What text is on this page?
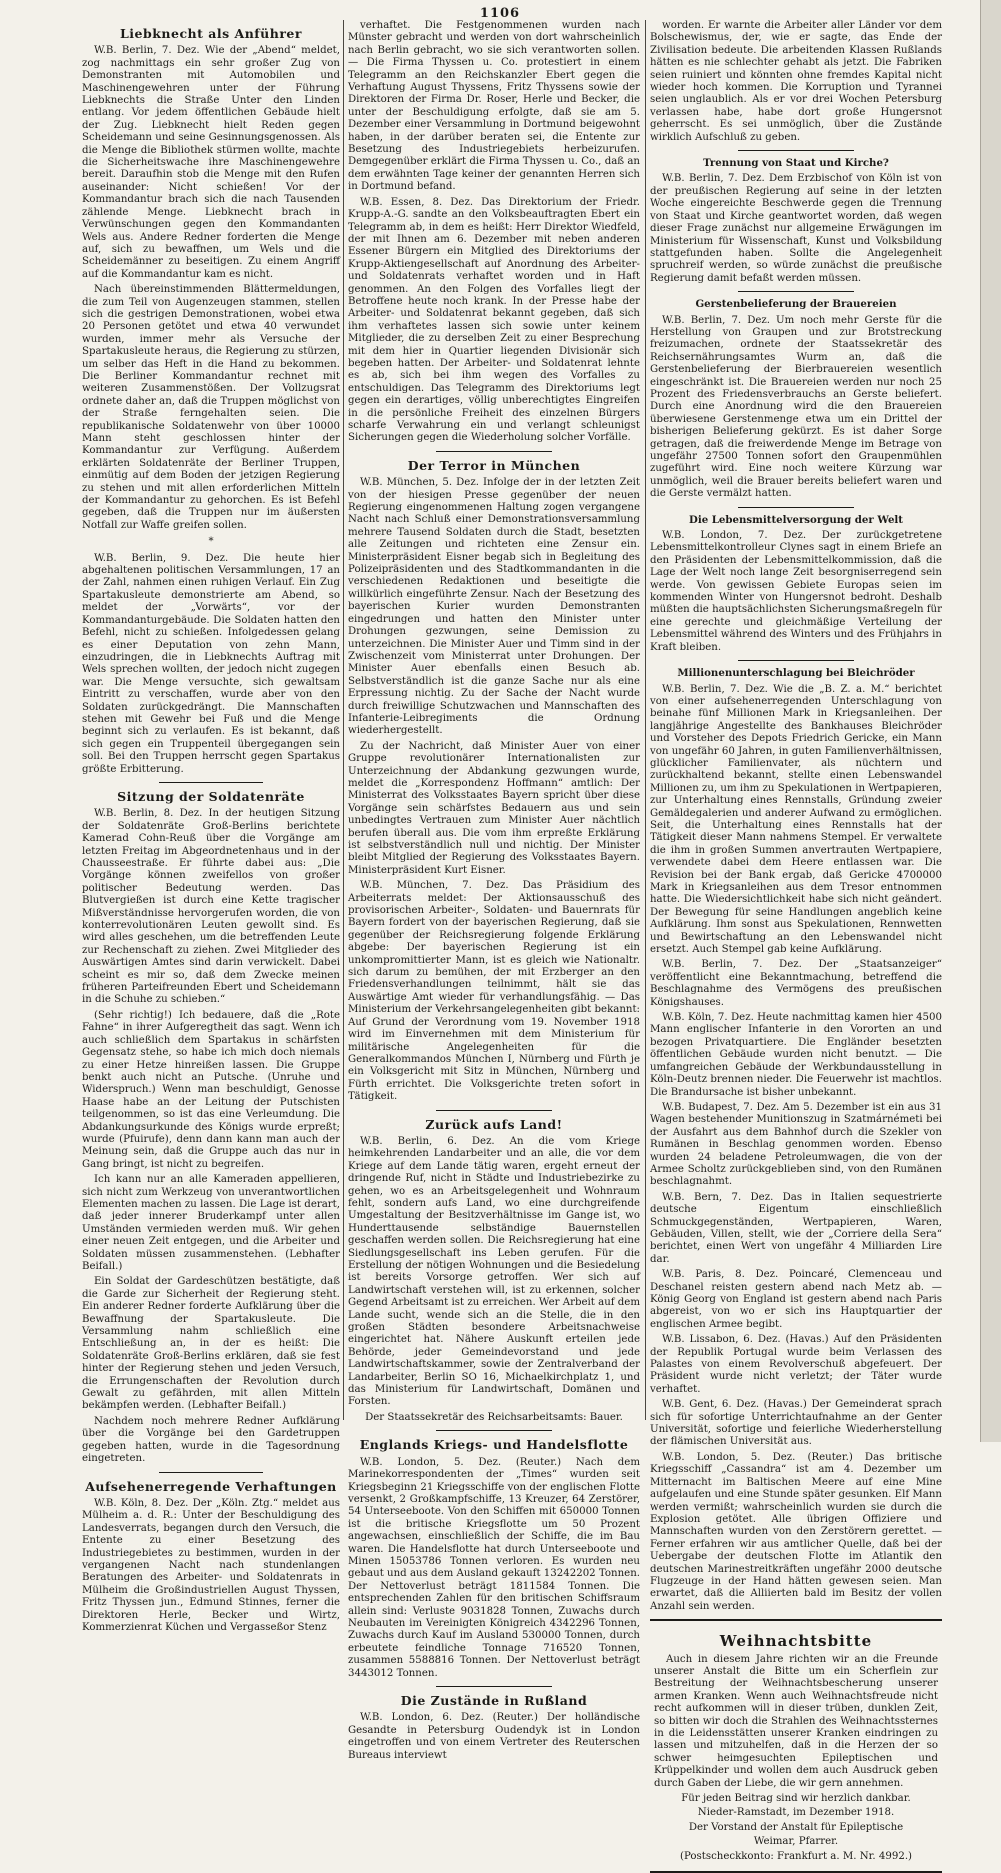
1106
Liebknecht als Anführer

W.B. Berlin, 7. Dez. Wie der „Abend“ meldet, zog nachmittags ein sehr großer Zug von Demonstranten mit Automobilen und Maschinengewehren unter der Führung Liebknechts die Straße Unter den Linden entlang. Vor jedem öffentlichen Gebäude hielt der Zug. Liebknecht hielt Reden gegen Scheidemann und seine Gesinnungsgenossen. Als die Menge die Bibliothek stürmen wollte, machte die Sicherheitswache ihre Maschinengewehre bereit. Daraufhin stob die Menge mit den Rufen auseinander: Nicht schießen! Vor der Kommandantur brach sich die nach Tausenden zählende Menge. Liebknecht brach in Verwünschungen gegen den Kommandanten Wels aus. Andere Redner forderten die Menge auf, sich zu bewaffnen, um Wels und die Scheidemänner zu beseitigen. Zu einem Angriff auf die Kommandantur kam es nicht.

Nach übereinstimmenden Blättermeldungen, die zum Teil von Augenzeugen stammen, stellen sich die gestrigen Demonstrationen, wobei etwa 20 Personen getötet und etwa 40 verwundet wurden, immer mehr als Versuche der Spartakusleute heraus, die Regierung zu stürzen, um selber das Heft in die Hand zu bekommen. Die Berliner Kommandantur rechnet mit weiteren Zusammenstößen. Der Vollzugsrat ordnete daher an, daß die Truppen möglichst von der Straße ferngehalten seien. Die republikanische Soldatenwehr von über 10000 Mann steht geschlossen hinter der Kommandantur zur Verfügung. Außerdem erklärten Soldatenräte der Berliner Truppen, einmütig auf dem Boden der jetzigen Regierung zu stehen und mit allen erforderlichen Mitteln der Kommandantur zu gehorchen. Es ist Befehl gegeben, daß die Truppen nur im äußersten Notfall zur Waffe greifen sollen.

*

W.B. Berlin, 9. Dez. Die heute hier abgehaltenen politischen Versammlungen, 17 an der Zahl, nahmen einen ruhigen Verlauf. Ein Zug Spartakusleute demonstrierte am Abend, so meldet der „Vorwärts“, vor der Kommandanturgebäude. Die Soldaten hatten den Befehl, nicht zu schießen. Infolgedessen gelang es einer Deputation von zehn Mann, einzudringen, die in Liebknechts Auftrag mit Wels sprechen wollten, der jedoch nicht zugegen war. Die Menge versuchte, sich gewaltsam Eintritt zu verschaffen, wurde aber von den Soldaten zurückgedrängt. Die Mannschaften stehen mit Gewehr bei Fuß und die Menge beginnt sich zu verlaufen. Es ist bekannt, daß sich gegen ein Truppenteil übergegangen sein soll. Bei den Truppen herrscht gegen Spartakus größte Erbitterung.

Sitzung der Soldatenräte

W.B. Berlin, 8. Dez. In der heutigen Sitzung der Soldatenräte Groß-Berlins berichtete Kamerad Cohn-Reuß über die Vorgänge am letzten Freitag im Abgeordnetenhaus und in der Chausseestraße. Er führte dabei aus: „Die Vorgänge können zweifellos von großer politischer Bedeutung werden. Das Blutvergießen ist durch eine Kette tragischer Mißverständnisse hervorgerufen worden, die von konterrevolutionären Leuten gewollt sind. Es wird alles geschehen, um die betreffenden Leute zur Rechenschaft zu ziehen. Zwei Mitglieder des Auswärtigen Amtes sind darin verwickelt. Dabei scheint es mir so, daß dem Zwecke meinen früheren Parteifreunden Ebert und Scheidemann in die Schuhe zu schieben.“

(Sehr richtig!) Ich bedauere, daß die „Rote Fahne“ in ihrer Aufgeregtheit das sagt. Wenn ich auch schließlich dem Spartakus in schärfsten Gegensatz stehe, so habe ich mich doch niemals zu einer Hetze hinreißen lassen. Die Gruppe benkt auch nicht an Putsche. (Unruhe und Widerspruch.) Wenn man beschuldigt, Genosse Haase habe an der Leitung der Putschisten teilgenommen, so ist das eine Verleumdung. Die Abdankungsurkunde des Königs wurde erpreßt; wurde (Pfuirufe), denn dann kann man auch der Meinung sein, daß die Gruppe auch das nur in Gang bringt, ist nicht zu begreifen.

Ich kann nur an alle Kameraden appellieren, sich nicht zum Werkzeug von unverantwortlichen Elementen machen zu lassen. Die Lage ist derart, daß jeder innerer Bruderkampf unter allen Umständen vermieden werden muß. Wir gehen einer neuen Zeit entgegen, und die Arbeiter und Soldaten müssen zusammenstehen. (Lebhafter Beifall.)

Ein Soldat der Gardeschützen bestätigte, daß die Garde zur Sicherheit der Regierung steht. Ein anderer Redner forderte Aufklärung über die Bewaffnung der Spartakusleute. Die Versammlung nahm schließlich eine Entschließung an, in der es heißt: Die Soldatenräte Groß-Berlins erklären, daß sie fest hinter der Regierung stehen und jeden Versuch, die Errungenschaften der Revolution durch Gewalt zu gefährden, mit allen Mitteln bekämpfen werden. (Lebhafter Beifall.)

Nachdem noch mehrere Redner Aufklärung über die Vorgänge bei den Gardetruppen gegeben hatten, wurde in die Tagesordnung eingetreten.

Aufsehenerregende Verhaftungen

W.B. Köln, 8. Dez. Der „Köln. Ztg.“ meldet aus Mülheim a. d. R.: Unter der Beschuldigung des Landesverrats, begangen durch den Versuch, die Entente zu einer Besetzung des Industriegebietes zu bestimmen, wurden in der vergangenen Nacht nach stundenlangen Beratungen des Arbeiter- und Soldatenrats in Mülheim die Großindustriellen August Thyssen, Fritz Thyssen jun., Edmund Stinnes, ferner die Direktoren Herle, Becker und Wirtz, Kommerzienrat Küchen und Vergasseßor Stenz

verhaftet. Die Festgenommenen wurden nach Münster gebracht und werden von dort wahrscheinlich nach Berlin gebracht, wo sie sich verantworten sollen. — Die Firma Thyssen u. Co. protestiert in einem Telegramm an den Reichskanzler Ebert gegen die Verhaftung August Thyssens, Fritz Thyssens sowie der Direktoren der Firma Dr. Roser, Herle und Becker, die unter der Beschuldigung erfolgte, daß sie am 5. Dezember einer Versammlung in Dortmund beigewohnt haben, in der darüber beraten sei, die Entente zur Besetzung des Industriegebiets herbeizurufen. Demgegenüber erklärt die Firma Thyssen u. Co., daß an dem erwähnten Tage keiner der genannten Herren sich in Dortmund befand.

W.B. Essen, 8. Dez. Das Direktorium der Friedr. Krupp-A.-G. sandte an den Volksbeauftragten Ebert ein Telegramm ab, in dem es heißt: Herr Direktor Wiedfeld, der mit Ihnen am 6. Dezember mit neben anderen Essener Bürgern ein Mitglied des Direktoriums der Krupp-Aktiengesellschaft auf Anordnung des Arbeiter- und Soldatenrats verhaftet worden und in Haft genommen. An den Folgen des Vorfalles liegt der Betroffene heute noch krank. In der Presse habe der Arbeiter- und Soldatenrat bekannt gegeben, daß sich ihm verhaftetes lassen sich sowie unter keinem Mitglieder, die zu derselben Zeit zu einer Besprechung mit dem hier in Quartier liegenden Divisionär sich begeben hatten. Der Arbeiter- und Soldatenrat lehnte es ab, sich bei ihm wegen des Vorfalles zu entschuldigen. Das Telegramm des Direktoriums legt gegen ein derartiges, völlig unberechtigtes Eingreifen in die persönliche Freiheit des einzelnen Bürgers scharfe Verwahrung ein und verlangt schleunigst Sicherungen gegen die Wiederholung solcher Vorfälle.

Der Terror in München

W.B. München, 5. Dez. Infolge der in der letzten Zeit von der hiesigen Presse gegenüber der neuen Regierung eingenommenen Haltung zogen vergangene Nacht nach Schluß einer Demonstrationsversammlung mehrere Tausend Soldaten durch die Stadt, besetzten alle Zeitungen und richteten eine Zensur ein. Ministerpräsident Eisner begab sich in Begleitung des Polizeipräsidenten und des Stadtkommandanten in die verschiedenen Redaktionen und beseitigte die willkürlich eingeführte Zensur. Nach der Besetzung des bayerischen Kurier wurden Demonstranten eingedrungen und hatten den Minister unter Drohungen gezwungen, seine Demission zu unterzeichnen. Die Minister Auer und Timm sind in der Zwischenzeit vom Ministerrat unter Drohungen. Der Minister Auer ebenfalls einen Besuch ab. Selbstverständlich ist die ganze Sache nur als eine Erpressung nichtig. Zu der Sache der Nacht wurde durch freiwillige Schutzwachen und Mannschaften des Infanterie-Leibregiments die Ordnung wiederhergestellt.

Zu der Nachricht, daß Minister Auer von einer Gruppe revolutionärer Internationalisten zur Unterzeichnung der Abdankung gezwungen wurde, meldet die „Korrespondenz Hoffmann“ amtlich: Der Ministerrat des Volksstaates Bayern spricht über diese Vorgänge sein schärfstes Bedauern aus und sein unbedingtes Vertrauen zum Minister Auer nächtlich berufen überall aus. Die vom ihm erpreßte Erklärung ist selbstverständlich null und nichtig. Der Minister bleibt Mitglied der Regierung des Volksstaates Bayern. Ministerpräsident Kurt Eisner.

W.B. München, 7. Dez. Das Präsidium des Arbeiterrats meldet: Der Aktionsausschuß des provisorischen Arbeiter-, Soldaten- und Bauernrats für Bayern fordert von der bayerischen Regierung, daß sie gegenüber der Reichsregierung folgende Erklärung abgebe: Der bayerischen Regierung ist ein unkompromittierter Mann, ist es gleich wie Nationaltr. sich darum zu bemühen, der mit Erzberger an den Friedensverhandlungen teilnimmt, hält sie das Auswärtige Amt wieder für verhandlungsfähig. — Das Ministerium der Verkehrsangelegenheiten gibt bekannt: Auf Grund der Verordnung vom 19. November 1918 wird im Einvernehmen mit dem Ministerium für militärische Angelegenheiten für die Generalkommandos München I, Nürnberg und Fürth je ein Volksgericht mit Sitz in München, Nürnberg und Fürth errichtet. Die Volksgerichte treten sofort in Tätigkeit.

Zurück aufs Land!

W.B. Berlin, 6. Dez. An die vom Kriege heimkehrenden Landarbeiter und an alle, die vor dem Kriege auf dem Lande tätig waren, ergeht erneut der dringende Ruf, nicht in Städte und Industriebezirke zu gehen, wo es an Arbeitsgelegenheit und Wohnraum fehlt, sondern aufs Land, wo eine durchgreifende Umgestaltung der Besitzverhältnisse im Gange ist, wo Hunderttausende selbständige Bauernstellen geschaffen werden sollen. Die Reichsregierung hat eine Siedlungsgesellschaft ins Leben gerufen. Für die Erstellung der nötigen Wohnungen und die Besiedelung ist bereits Vorsorge getroffen. Wer sich auf Landwirtschaft verstehen will, ist zu erkennen, solcher Gegend Arbeitsamt ist zu erreichen. Wer Arbeit auf dem Lande sucht, wende sich an die Stelle, die in den großen Städten besondere Arbeitsnachweise eingerichtet hat. Nähere Auskunft erteilen jede Behörde, jeder Gemeindevorstand und jede Landwirtschaftskammer, sowie der Zentralverband der Landarbeiter, Berlin SO 16, Michaelkirchplatz 1, und das Ministerium für Landwirtschaft, Domänen und Forsten.

Der Staatssekretär des Reichsarbeitsamts: Bauer.
Englands Kriegs- und Handelsflotte

W.B. London, 5. Dez. (Reuter.) Nach dem Marinekorrespondenten der „Times“ wurden seit Kriegsbeginn 21 Kriegsschiffe von der englischen Flotte versenkt, 2 Großkampfschiffe, 13 Kreuzer, 64 Zerstörer, 54 Unterseeboote. Von den Schiffen mit 650000 Tonnen ist die britische Kriegsflotte um 50 Prozent angewachsen, einschließlich der Schiffe, die im Bau waren. Die Handelsflotte hat durch Unterseeboote und Minen 15053786 Tonnen verloren. Es wurden neu gebaut und aus dem Ausland gekauft 13242202 Tonnen. Der Nettoverlust beträgt 1811584 Tonnen. Die entsprechenden Zahlen für den britischen Schiffsraum allein sind: Verluste 9031828 Tonnen, Zuwachs durch Neubauten im Vereinigten Königreich 4342296 Tonnen, Zuwachs durch Kauf im Ausland 530000 Tonnen, durch erbeutete feindliche Tonnage 716520 Tonnen, zusammen 5588816 Tonnen. Der Nettoverlust beträgt 3443012 Tonnen.

Die Zustände in Rußland

W.B. London, 6. Dez. (Reuter.) Der holländische Gesandte in Petersburg Oudendyk ist in London eingetroffen und von einem Vertreter des Reuterschen Bureaus interviewt

worden. Er warnte die Arbeiter aller Länder vor dem Bolschewismus, der, wie er sagte, das Ende der Zivilisation bedeute. Die arbeitenden Klassen Rußlands hätten es nie schlechter gehabt als jetzt. Die Fabriken seien ruiniert und könnten ohne fremdes Kapital nicht wieder hoch kommen. Die Korruption und Tyrannei seien unglaublich. Als er vor drei Wochen Petersburg verlassen habe, habe dort große Hungersnot geherrscht. Es sei unmöglich, über die Zustände wirklich Aufschluß zu geben.

Trennung von Staat und Kirche?

W.B. Berlin, 7. Dez. Dem Erzbischof von Köln ist von der preußischen Regierung auf seine in der letzten Woche eingereichte Beschwerde gegen die Trennung von Staat und Kirche geantwortet worden, daß wegen dieser Frage zunächst nur allgemeine Erwägungen im Ministerium für Wissenschaft, Kunst und Volksbildung stattgefunden haben. Sollte die Angelegenheit spruchreif werden, so würde zunächst die preußische Regierung damit befaßt werden müssen.

Gerstenbelieferung der Brauereien

W.B. Berlin, 7. Dez. Um noch mehr Gerste für die Herstellung von Graupen und zur Brotstreckung freizumachen, ordnete der Staatssekretär des Reichsernährungsamtes Wurm an, daß die Gerstenbelieferung der Bierbrauereien wesentlich eingeschränkt ist. Die Brauereien werden nur noch 25 Prozent des Friedensverbrauchs an Gerste beliefert. Durch eine Anordnung wird die den Brauereien überwiesene Gerstenmenge etwa um ein Drittel der bisherigen Belieferung gekürzt. Es ist daher Sorge getragen, daß die freiwerdende Menge im Betrage von ungefähr 27500 Tonnen sofort den Graupenmühlen zugeführt wird. Eine noch weitere Kürzung war unmöglich, weil die Brauer bereits beliefert waren und die Gerste vermälzt hatten.

Die Lebensmittelversorgung der Welt

W.B. London, 7. Dez. Der zurückgetretene Lebensmittelkontrolleur Clynes sagt in einem Briefe an den Präsidenten der Lebensmittelkommission, daß die Lage der Welt noch lange Zeit besorgniserregend sein werde. Von gewissen Gebiete Europas seien im kommenden Winter von Hungersnot bedroht. Deshalb müßten die hauptsächlichsten Sicherungsmaßregeln für eine gerechte und gleichmäßige Verteilung der Lebensmittel während des Winters und des Frühjahrs in Kraft bleiben.

Millionenunterschlagung bei Bleichröder

W.B. Berlin, 7. Dez. Wie die „B. Z. a. M.“ berichtet von einer aufsehenerregenden Unterschlagung von beinahe fünf Millionen Mark in Kriegsanleihen. Der langjährige Angestellte des Bankhauses Bleichröder und Vorsteher des Depots Friedrich Gericke, ein Mann von ungefähr 60 Jahren, in guten Familienverhältnissen, glücklicher Familienvater, als nüchtern und zurückhaltend bekannt, stellte einen Lebenswandel Millionen zu, um ihm zu Spekulationen in Wertpapieren, zur Unterhaltung eines Rennstalls, Gründung zweier Gemäldegalerien und anderer Aufwand zu ermöglichen. Seit, die Unterhaltung eines Rennstalls hat der Tätigkeit dieser Mann nahmens Stempel. Er verwaltete die ihm in großen Summen anvertrauten Wertpapiere, verwendete dabei dem Heere entlassen war. Die Revision bei der Bank ergab, daß Gericke 4700000 Mark in Kriegsanleihen aus dem Tresor entnommen hatte. Die Wiedersichtlichkeit habe sich nicht geändert. Der Bewegung für seine Handlungen angeblich keine Aufklärung. Ihm sonst aus Spekulationen, Rennwetten und Bewirtschaftung an den Lebenswandel nicht ersetzt. Auch Stempel gab keine Aufklärung.

W.B. Berlin, 7. Dez. Der „Staatsanzeiger“ veröffentlicht eine Bekanntmachung, betreffend die Beschlagnahme des Vermögens des preußischen Königshauses.

W.B. Köln, 7. Dez. Heute nachmittag kamen hier 4500 Mann englischer Infanterie in den Vororten an und bezogen Privatquartiere. Die Engländer besetzten öffentlichen Gebäude wurden nicht benutzt. — Die umfangreichen Gebäude der Werkbundausstellung in Köln-Deutz brennen nieder. Die Feuerwehr ist machtlos. Die Brandursache ist bisher unbekannt.

W.B. Budapest, 7. Dez. Am 5. Dezember ist ein aus 31 Wagen bestehender Munitionszug in Szatmárnémeti bei der Ausfahrt aus dem Bahnhof durch die Szekler von Rumänen in Beschlag genommen worden. Ebenso wurden 24 beladene Petroleumwagen, die von der Armee Scholtz zurückgeblieben sind, von den Rumänen beschlagnahmt.

W.B. Bern, 7. Dez. Das in Italien sequestrierte deutsche Eigentum einschließlich Schmuckgegenständen, Wertpapieren, Waren, Gebäuden, Villen, stellt, wie der „Corriere della Sera“ berichtet, einen Wert von ungefähr 4 Milliarden Lire dar.

W.B. Paris, 8. Dez. Poincaré, Clemenceau und Deschanel reisten gestern abend nach Metz ab. — König Georg von England ist gestern abend nach Paris abgereist, von wo er sich ins Hauptquartier der englischen Armee begibt.

W.B. Lissabon, 6. Dez. (Havas.) Auf den Präsidenten der Republik Portugal wurde beim Verlassen des Palastes von einem Revolverschuß abgefeuert. Der Präsident wurde nicht verletzt; der Täter wurde verhaftet.

W.B. Gent, 6. Dez. (Havas.) Der Gemeinderat sprach sich für sofortige Unterrichtaufnahme an der Genter Universität, sofortige und feierliche Wiederherstellung der flämischen Universität aus.

W.B. London, 5. Dez. (Reuter.) Das britische Kriegsschiff „Cassandra“ ist am 4. Dezember um Mitternacht im Baltischen Meere auf eine Mine aufgelaufen und eine Stunde später gesunken. Elf Mann werden vermißt; wahrscheinlich wurden sie durch die Explosion getötet. Alle übrigen Offiziere und Mannschaften wurden von den Zerstörern gerettet. — Ferner erfahren wir aus amtlicher Quelle, daß bei der Uebergabe der deutschen Flotte im Atlantik den deutschen Marinestreitkräften ungefähr 2000 deutsche Flugzeuge in der Hand hätten gewesen seien. Man erwartet, daß die Alliierten bald im Besitz der vollen Anzahl sein werden.

Weihnachtsbitte

Auch in diesem Jahre richten wir an die Freunde unserer Anstalt die Bitte um ein Scherflein zur Bestreitung der Weihnachtsbescherung unserer armen Kranken. Wenn auch Weihnachtsfreude nicht recht aufkommen will in dieser trüben, dunklen Zeit, so bitten wir doch die Strahlen des Weihnachtssternes in die Leidensstätten unserer Kranken eindringen zu lassen und mitzuhelfen, daß in die Herzen der so schwer heimgesuchten Epileptischen und Krüppelkinder und wollen dem auch Ausdruck geben durch Gaben der Liebe, die wir gern annehmen.

Für jeden Beitrag sind wir herzlich dankbar.
Nieder-Ramstadt, im Dezember 1918.
Der Vorstand der Anstalt für Epileptische
Weimar, Pfarrer.
(Postscheckkonto: Frankfurt a. M. Nr. 4992.)
